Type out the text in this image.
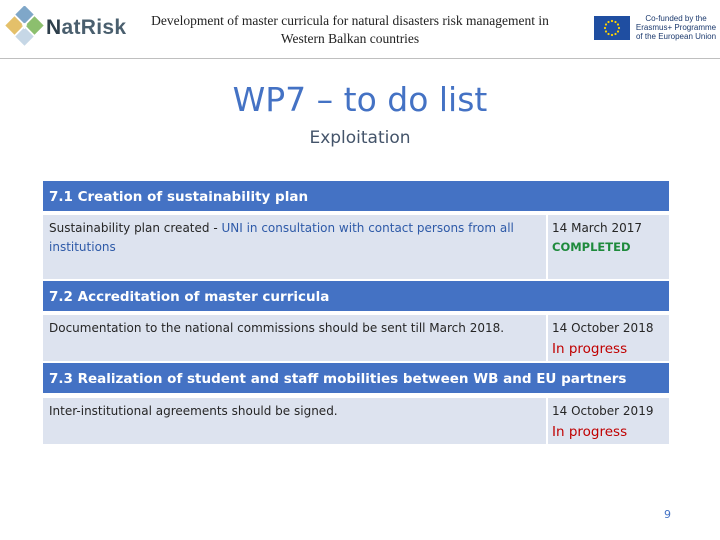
✱ NatRisk Development of master curricula for natural disasters risk management in Western Balkan countries
Co-funded by the Erasmus+ Programme of the European Union
WP7 – to do list
Exploitation
7.1 Creation of sustainability plan
Sustainability plan created - UNI in consultation with contact persons from all institutions
14 March 2017
COMPLETED
7.2 Accreditation of master curricula
Documentation to the national commissions should be sent till March 2018.	14 October 2018
In progress
7.3 Realization of student and staff mobilities between WB and EU partners
Inter-institutional agreements should be signed.	14 October 2019
In progress
9
